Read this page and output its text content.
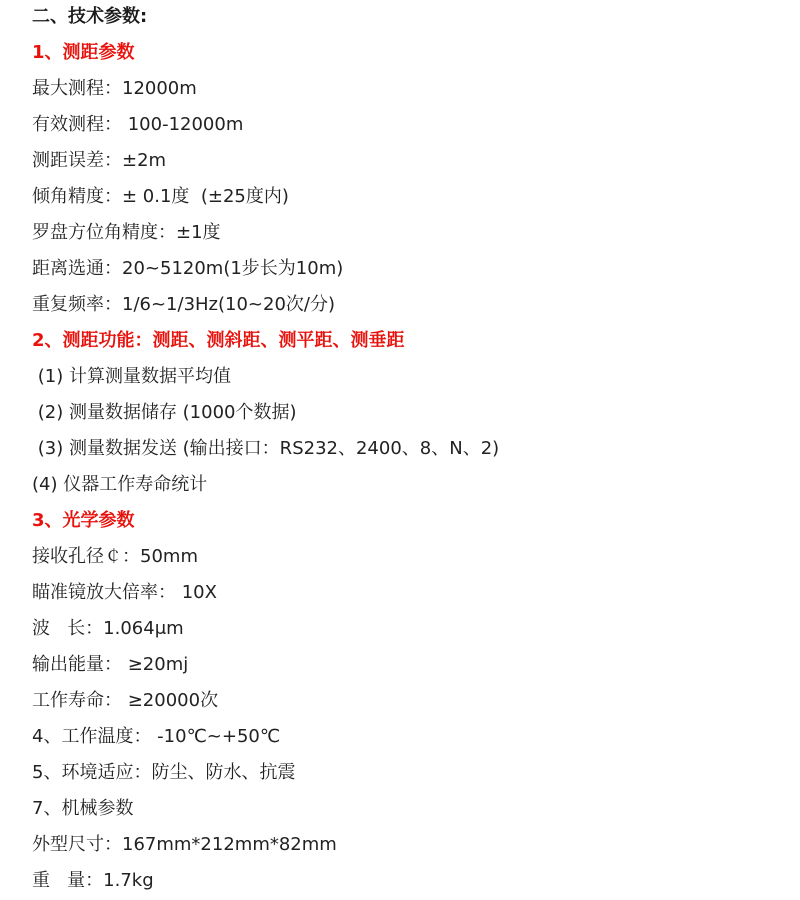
二、技术参数:
1、测距参数
最大测程：12000m
有效测程： 100-12000m
测距误差：±2m
倾角精度：± 0.1度  (±25度内)
罗盘方位角精度：±1度
距离选通：20~5120m(1步长为10m)
重复频率：1/6~1/3Hz(10~20次/分)
2、测距功能：测距、测斜距、测平距、测垂距
(1) 计算测量数据平均值
(2) 测量数据储存 (1000个数据)
(3) 测量数据发送 (输出接口：RS232、2400、8、N、2)
(4) 仪器工作寿命统计
3、光学参数
接收孔径￠：50mm
瞄准镜放大倍率： 10X
波   长：1.064μm
输出能量： ≥20mj
工作寿命： ≥20000次
4、工作温度： -10℃~+50℃
5、环境适应：防尘、防水、抗震
7、机械参数
外型尺寸：167mm*212mm*82mm
重   量：1.7kg
